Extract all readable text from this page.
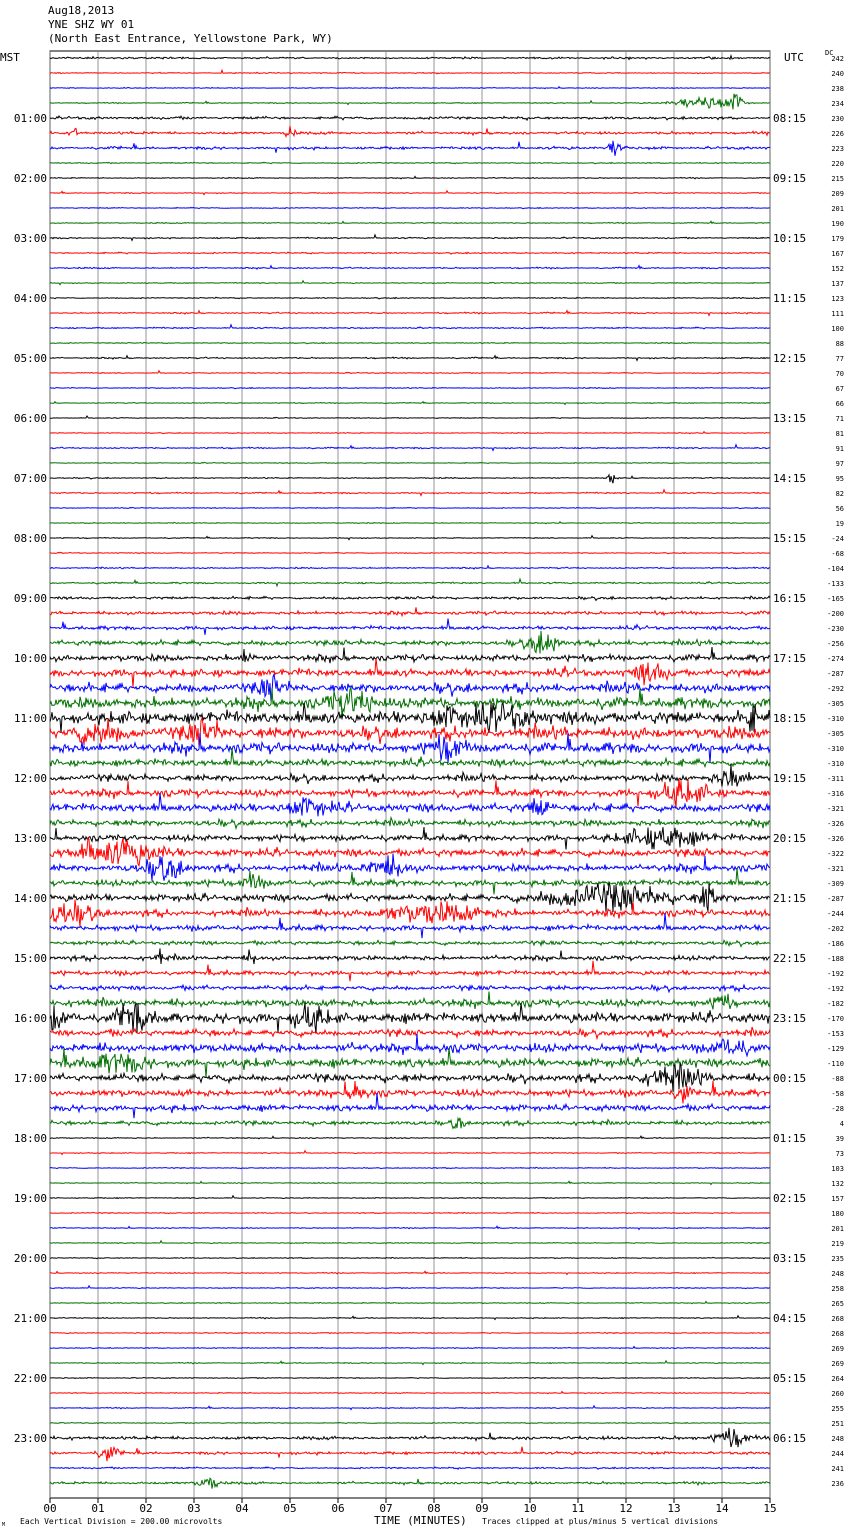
Aug18,2013
YNE SHZ WY 01
(North East Entrance, Yellowstone Park, WY)
MST	UTC	DC
00	01	02	03	04	05	06	07	08	09	10	11	12	13	14	15
242
240
238
234
230
01:00	08:15
226
223
220
215
02:00	09:15
209
201
190
179
03:00	10:15
167
152
137
123
04:00	11:15
111
100
88
77
05:00	12:15
70
67
66
71
06:00	13:15
81
91
97
95
07:00	14:15
82
56
19
-24
08:00	15:15
-68
-104
-133
-165
09:00	16:15
-200
-230
-256
-274
10:00	17:15
-287
-292
-305
-310
11:00	18:15
-305
-310
-310
-311
12:00	19:15
-316
-321
-326
-326
13:00	20:15
-322
-321
-309
-287
14:00	21:15
-244
-202
-186
-188
15:00	22:15
-192
-192
-182
-170
16:00	23:15
-153
-129
-110
-88
17:00	00:15
-58
-28
4
39
18:00	01:15
73
103
132
157
19:00	02:15
180
201
219
235
20:00	03:15
248
258
265
268
21:00	04:15
268
269
269
264
22:00	05:15
260
255
251
248
23:00	06:15
244
241
236
TIME (MINUTES)
Each Vertical Division = 200.00 microvolts	Traces clipped at plus/minus 5 vertical divisions
M
